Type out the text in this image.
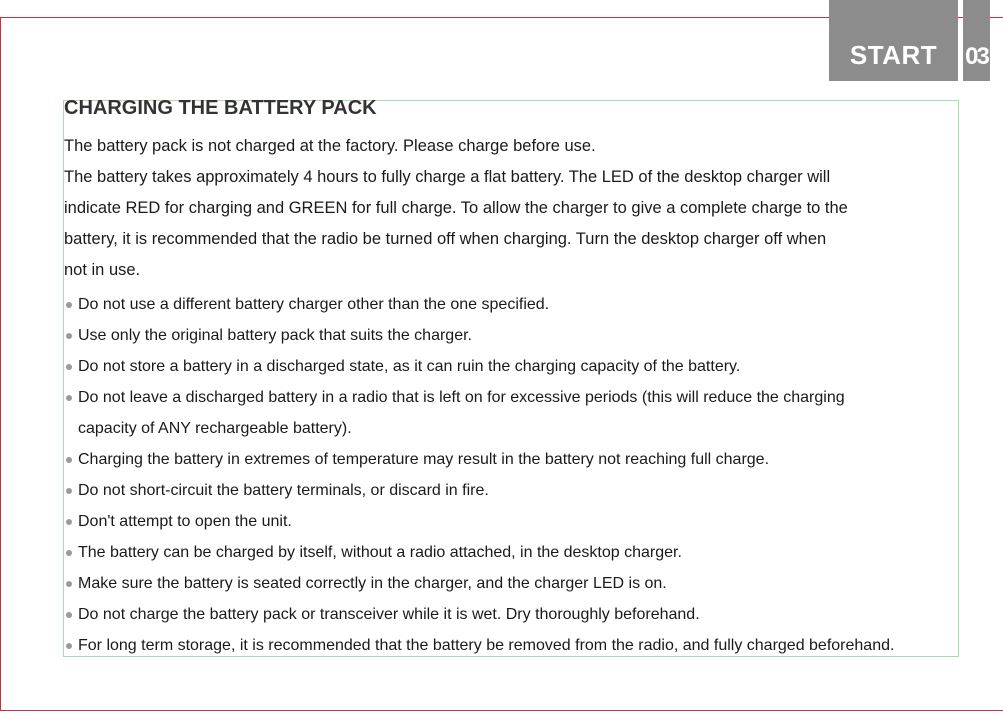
START	03
CHARGING THE BATTERY PACK

The battery pack is not charged at the factory. Please charge before use.

The battery takes approximately 4 hours to fully charge a flat battery. The LED of the desktop charger will

indicate RED for charging and GREEN for full charge. To allow the charger to give a complete charge to the

battery, it is recommended that the radio be turned off when charging. Turn the desktop charger off when

not in use.

Do not use a different battery charger other than the one specified.
Use only the original battery pack that suits the charger.
Do not store a battery in a discharged state, as it can ruin the charging capacity of the battery.
Do not leave a discharged battery in a radio that is left on for excessive periods (this will reduce the charging
capacity of ANY rechargeable battery).
Charging the battery in extremes of temperature may result in the battery not reaching full charge.
Do not short-circuit the battery terminals, or discard in fire.
Don't attempt to open the unit.
The battery can be charged by itself, without a radio attached, in the desktop charger.
Make sure the battery is seated correctly in the charger, and the charger LED is on.
Do not charge the battery pack or transceiver while it is wet. Dry thoroughly beforehand.
For long term storage, it is recommended that the battery be removed from the radio, and fully charged beforehand.
